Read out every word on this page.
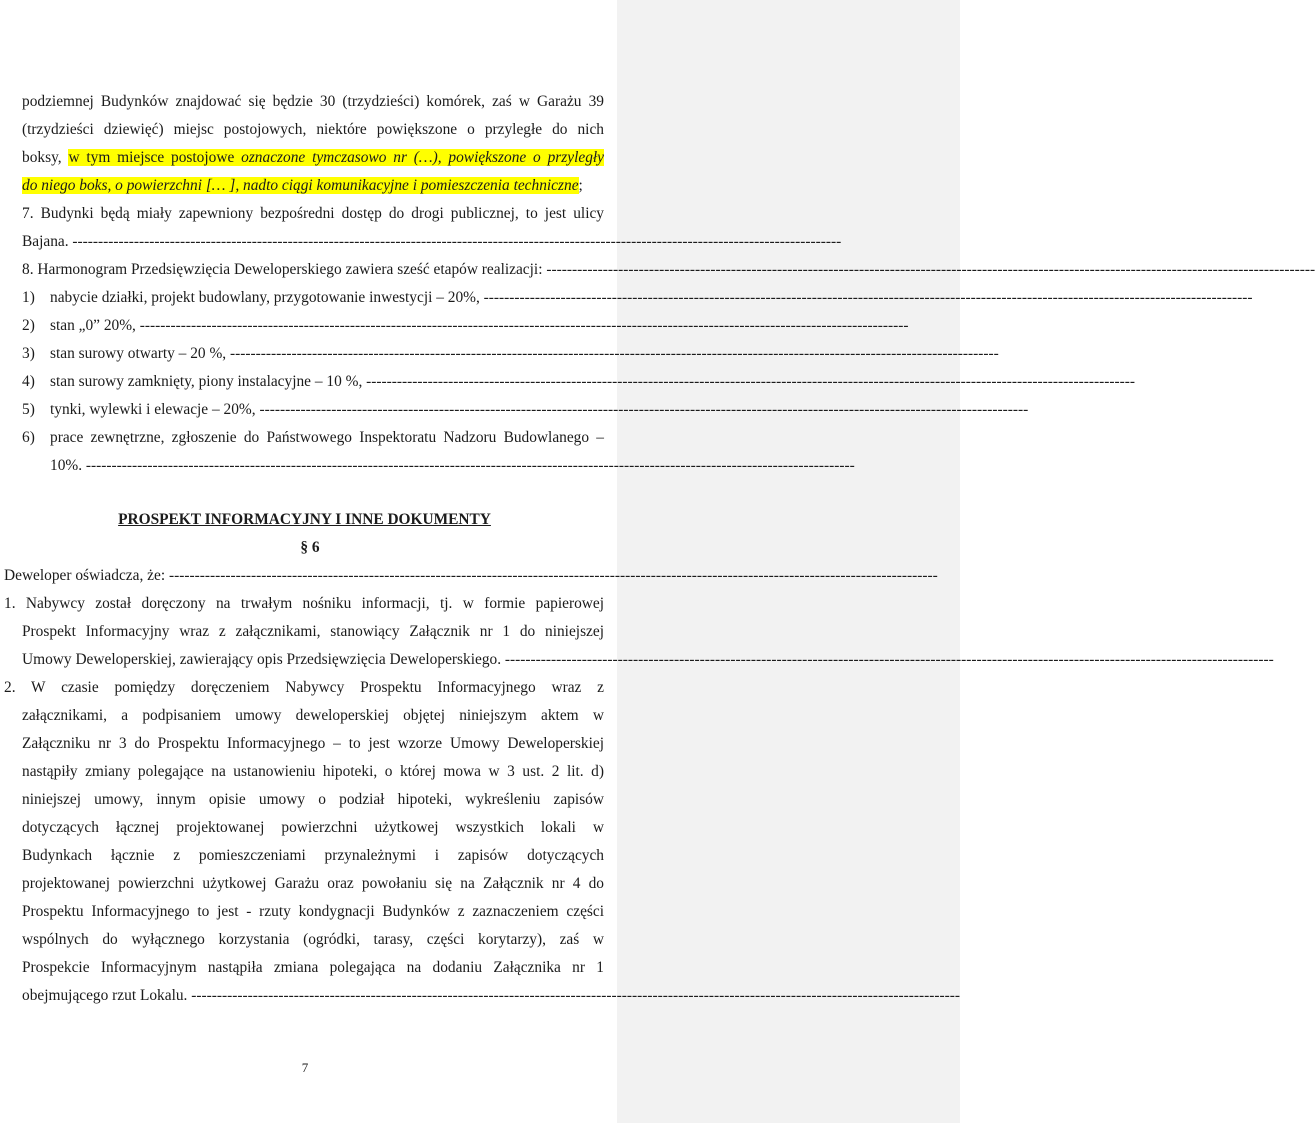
podziemnej Budynków znajdować się będzie 30 (trzydzieści) komórek, zaś w Garażu 39
(trzydzieści dziewięć) miejsc postojowych, niektóre powiększone o przyległe do nich
boksy, w tym miejsce postojowe oznaczone tymczasowo nr (…), powiększone o przyległy
do niego boks, o powierzchni [… ], nadto ciągi komunikacyjne i pomieszczenia techniczne;
7. Budynki będą miały zapewniony bezpośredni dostęp do drogi publicznej, to jest ulicy
Bajana. ------------------------------------------------------------------------------------------------------------------------------------------------------
8. Harmonogram Przedsięwzięcia Deweloperskiego zawiera sześć etapów realizacji: ------------------------------------------------------------------------------------------------------------------------------------------------------
1) nabycie działki, projekt budowlany, przygotowanie inwestycji – 20%, ------------------------------------------------------------------------------------------------------------------------------------------------------
2) stan „0” 20%, ------------------------------------------------------------------------------------------------------------------------------------------------------
3) stan surowy otwarty – 20 %, ------------------------------------------------------------------------------------------------------------------------------------------------------
4) stan surowy zamknięty, piony instalacyjne – 10 %, ------------------------------------------------------------------------------------------------------------------------------------------------------
5) tynki, wylewki i elewacje – 20%, ------------------------------------------------------------------------------------------------------------------------------------------------------
6) prace zewnętrzne, zgłoszenie do Państwowego Inspektoratu Nadzoru Budowlanego –
10%. ------------------------------------------------------------------------------------------------------------------------------------------------------
PROSPEKT INFORMACYJNY I INNE DOKUMENTY
§ 6
Deweloper oświadcza, że: ------------------------------------------------------------------------------------------------------------------------------------------------------
1. Nabywcy został doręczony na trwałym nośniku informacji, tj. w formie papierowej
Prospekt Informacyjny wraz z załącznikami, stanowiący Załącznik nr 1 do niniejszej
Umowy Deweloperskiej, zawierający opis Przedsięwzięcia Deweloperskiego. ------------------------------------------------------------------------------------------------------------------------------------------------------
2. W czasie pomiędzy doręczeniem Nabywcy Prospektu Informacyjnego wraz z
załącznikami, a podpisaniem umowy deweloperskiej objętej niniejszym aktem w
Załączniku nr 3 do Prospektu Informacyjnego – to jest wzorze Umowy Deweloperskiej
nastąpiły zmiany polegające na ustanowieniu hipoteki, o której mowa w 3 ust. 2 lit. d)
niniejszej umowy, innym opisie umowy o podział hipoteki, wykreśleniu zapisów
dotyczących łącznej projektowanej powierzchni użytkowej wszystkich lokali w
Budynkach łącznie z pomieszczeniami przynależnymi i zapisów dotyczących
projektowanej powierzchni użytkowej Garażu oraz powołaniu się na Załącznik nr 4 do
Prospektu Informacyjnego to jest - rzuty kondygnacji Budynków z zaznaczeniem części
wspólnych do wyłącznego korzystania (ogródki, tarasy, części korytarzy), zaś w
Prospekcie Informacyjnym nastąpiła zmiana polegająca na dodaniu Załącznika nr 1
obejmującego rzut Lokalu. ------------------------------------------------------------------------------------------------------------------------------------------------------
7
